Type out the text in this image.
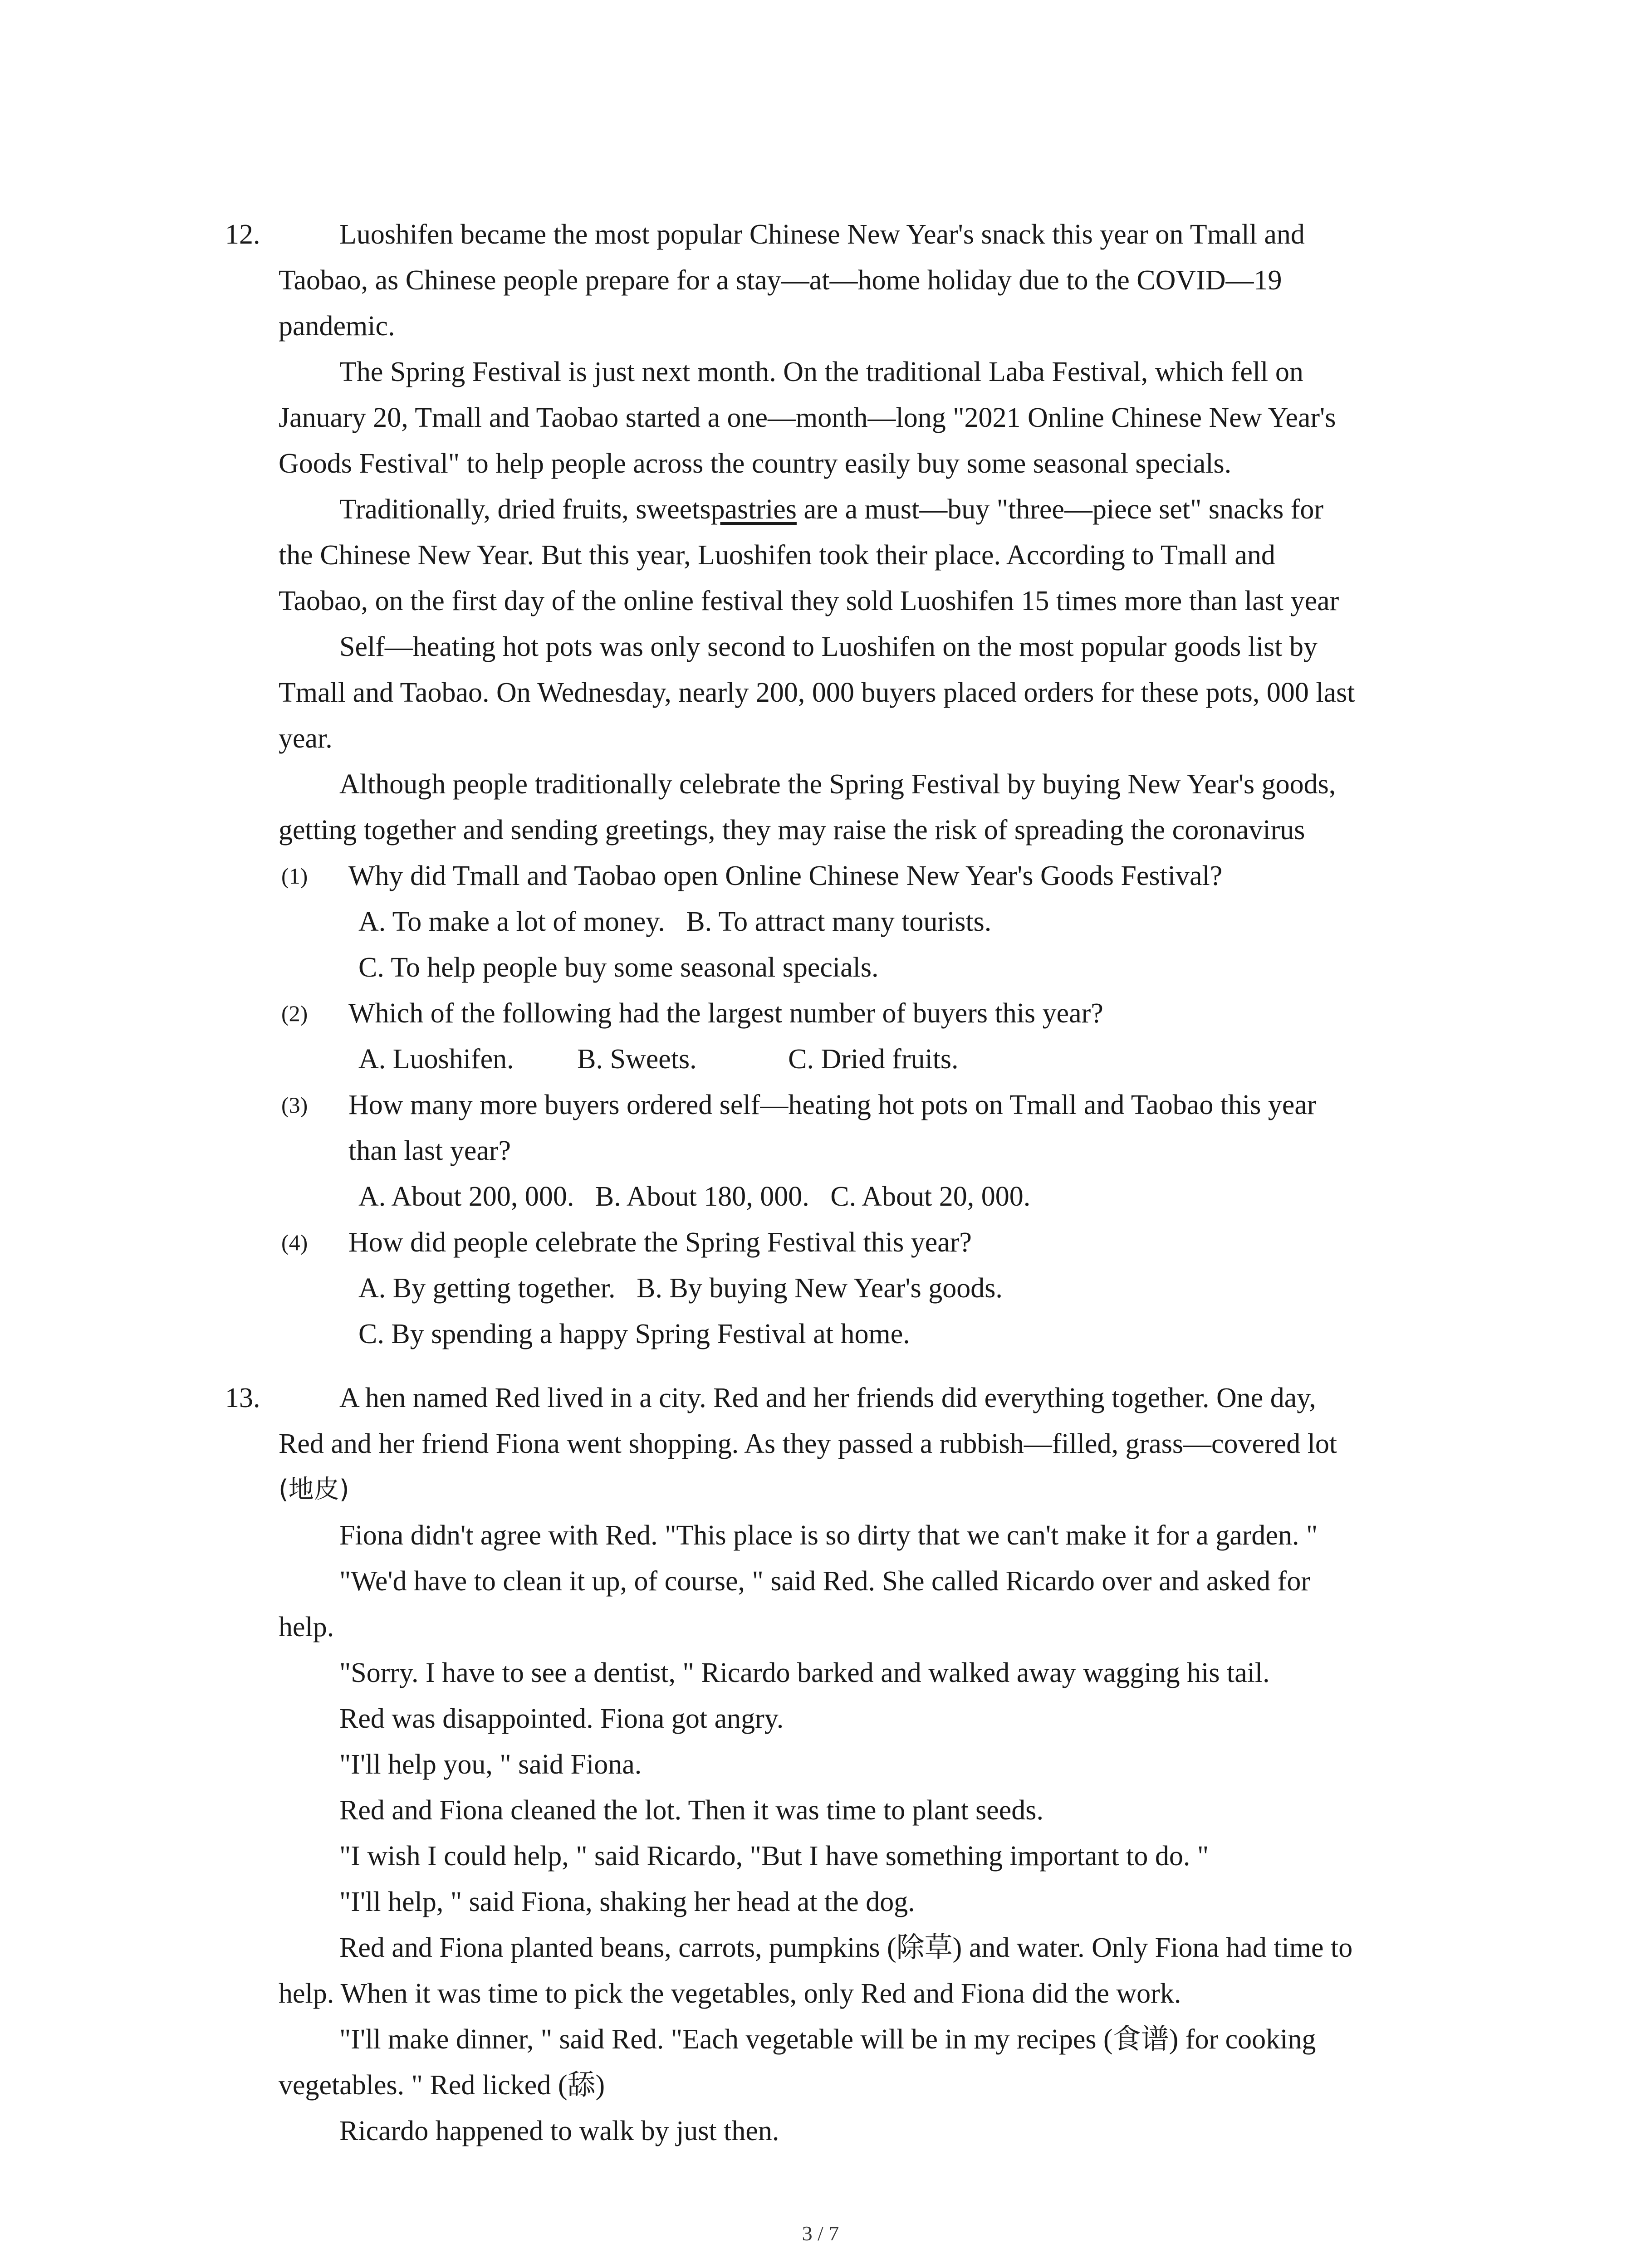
12.	Luoshifen became the most popular Chinese New Year's snack this year on Tmall and
Taobao, as Chinese people prepare for a stay—at—home holiday due to the COVID—19
pandemic.
The Spring Festival is just next month. On the traditional Laba Festival, which fell on
January 20, Tmall and Taobao started a one—month—long "2021 Online Chinese New Year's
Goods Festival" to help people across the country easily buy some seasonal specials.
Traditionally, dried fruits, sweetspastries are a must—buy "three—piece set" snacks for
the Chinese New Year. But this year, Luoshifen took their place. According to Tmall and
Taobao, on the first day of the online festival they sold Luoshifen 15 times more than last year
Self—heating hot pots was only second to Luoshifen on the most popular goods list by
Tmall and Taobao. On Wednesday, nearly 200, 000 buyers placed orders for these pots, 000 last
year.
Although people traditionally celebrate the Spring Festival by buying New Year's goods,
getting together and sending greetings, they may raise the risk of spreading the coronavirus
(1) Why did Tmall and Taobao open Online Chinese New Year's Goods Festival?
A. To make a lot of money.   B. To attract many tourists.
C. To help people buy some seasonal specials.
(2) Which of the following had the largest number of buyers this year?
A. Luoshifen.         B. Sweets.             C. Dried fruits.
(3) How many more buyers ordered self—heating hot pots on Tmall and Taobao this year
than last year?
A. About 200, 000.   B. About 180, 000.   C. About 20, 000.
(4) How did people celebrate the Spring Festival this year?
A. By getting together.   B. By buying New Year's goods.
C. By spending a happy Spring Festival at home.
13.	A hen named Red lived in a city. Red and her friends did everything together. One day,
Red and her friend Fiona went shopping. As they passed a rubbish—filled, grass—covered lot
(地皮)
Fiona didn't agree with Red. "This place is so dirty that we can't make it for a garden. "
"We'd have to clean it up, of course, " said Red. She called Ricardo over and asked for
help.
"Sorry. I have to see a dentist, " Ricardo barked and walked away wagging his tail.
Red was disappointed. Fiona got angry.
"I'll help you, " said Fiona.
Red and Fiona cleaned the lot. Then it was time to plant seeds.
"I wish I could help, " said Ricardo, "But I have something important to do. "
"I'll help, " said Fiona, shaking her head at the dog.
Red and Fiona planted beans, carrots, pumpkins (除草) and water. Only Fiona had time to
help. When it was time to pick the vegetables, only Red and Fiona did the work.
"I'll make dinner, " said Red. "Each vegetable will be in my recipes (食谱) for cooking
vegetables. " Red licked (舔)
Ricardo happened to walk by just then.
3 / 7
